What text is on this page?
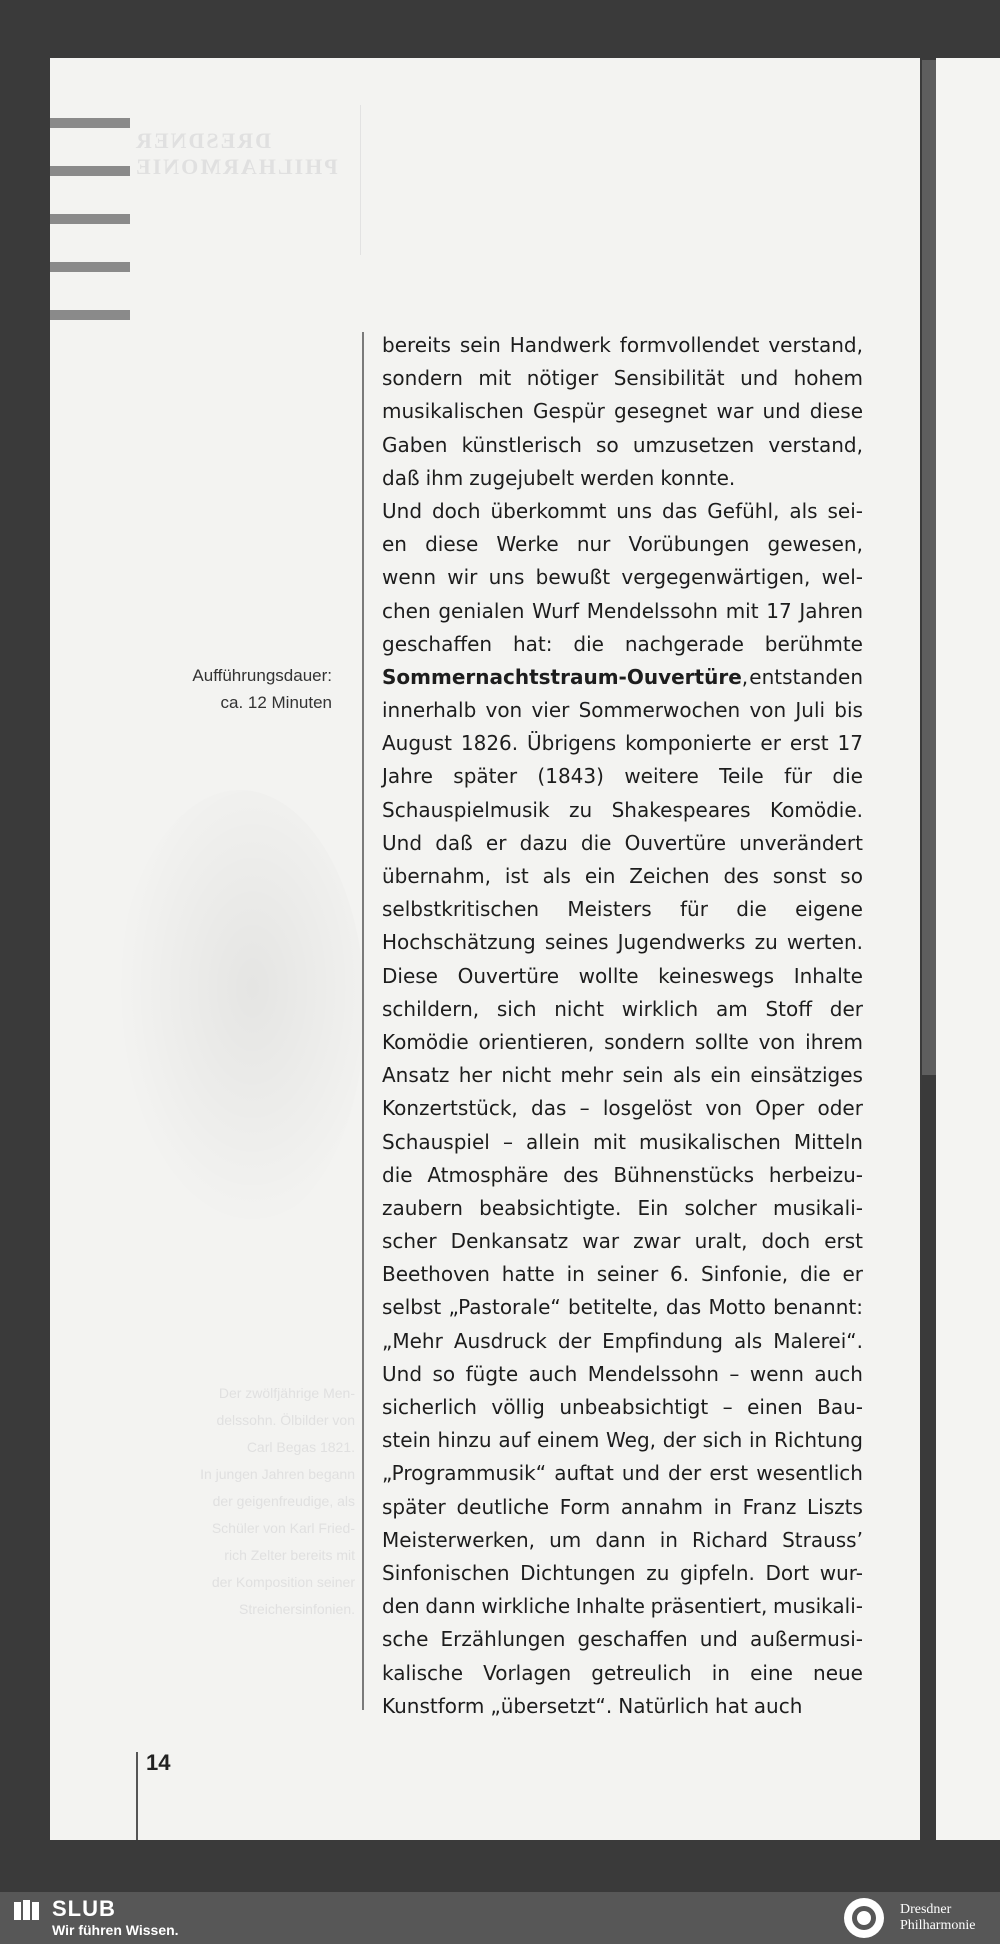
DRESDNER
PHILHARMONIE
Der zwölfjährige Men-
delssohn. Ölbilder von
Carl Begas 1821.
In jungen Jahren begann
der geigenfreudige, als
Schüler von Karl Fried-
rich Zelter bereits mit
der Komposition seiner
Streichersinfonien.
Aufführungsdauer:
ca. 12 Minuten
bereits sein Handwerk formvollendet verstand,
sondern mit nötiger Sensibilität und hohem
musikalischen Gespür gesegnet war und diese
Gaben künstlerisch so umzusetzen verstand,
daß ihm zugejubelt werden konnte.
Und doch überkommt uns das Gefühl, als sei-
en diese Werke nur Vorübungen gewesen,
wenn wir uns bewußt vergegenwärtigen, wel-
chen genialen Wurf Mendelssohn mit 17 Jahren
geschaffen hat: die nachgerade berühmte
Sommernachtstraum-Ouvertüre, entstanden
innerhalb von vier Sommerwochen von Juli bis
August 1826. Übrigens komponierte er erst 17
Jahre später (1843) weitere Teile für die
Schauspielmusik zu Shakespeares Komödie.
Und daß er dazu die Ouvertüre unverändert
übernahm, ist als ein Zeichen des sonst so
selbstkritischen Meisters für die eigene
Hochschätzung seines Jugendwerks zu werten.
Diese Ouvertüre wollte keineswegs Inhalte
schildern, sich nicht wirklich am Stoff der
Komödie orientieren, sondern sollte von ihrem
Ansatz her nicht mehr sein als ein einsätziges
Konzertstück, das – losgelöst von Oper oder
Schauspiel – allein mit musikalischen Mitteln
die Atmosphäre des Bühnenstücks herbeizu-
zaubern beabsichtigte. Ein solcher musikali-
scher Denkansatz war zwar uralt, doch erst
Beethoven hatte in seiner 6. Sinfonie, die er
selbst „Pastorale“ betitelte, das Motto benannt:
„Mehr Ausdruck der Empfindung als Malerei“.
Und so fügte auch Mendelssohn – wenn auch
sicherlich völlig unbeabsichtigt – einen Bau-
stein hinzu auf einem Weg, der sich in Richtung
„Programmusik“ auftat und der erst wesentlich
später deutliche Form annahm in Franz Liszts
Meisterwerken, um dann in Richard Strauss’
Sinfonischen Dichtungen zu gipfeln. Dort wur-
den dann wirkliche Inhalte präsentiert, musikali-
sche Erzählungen geschaffen und außermusi-
kalische Vorlagen getreulich in eine neue
Kunstform „übersetzt“. Natürlich hat auch
14
SLUB
Wir führen Wissen.
Dresdner
Philharmonie
